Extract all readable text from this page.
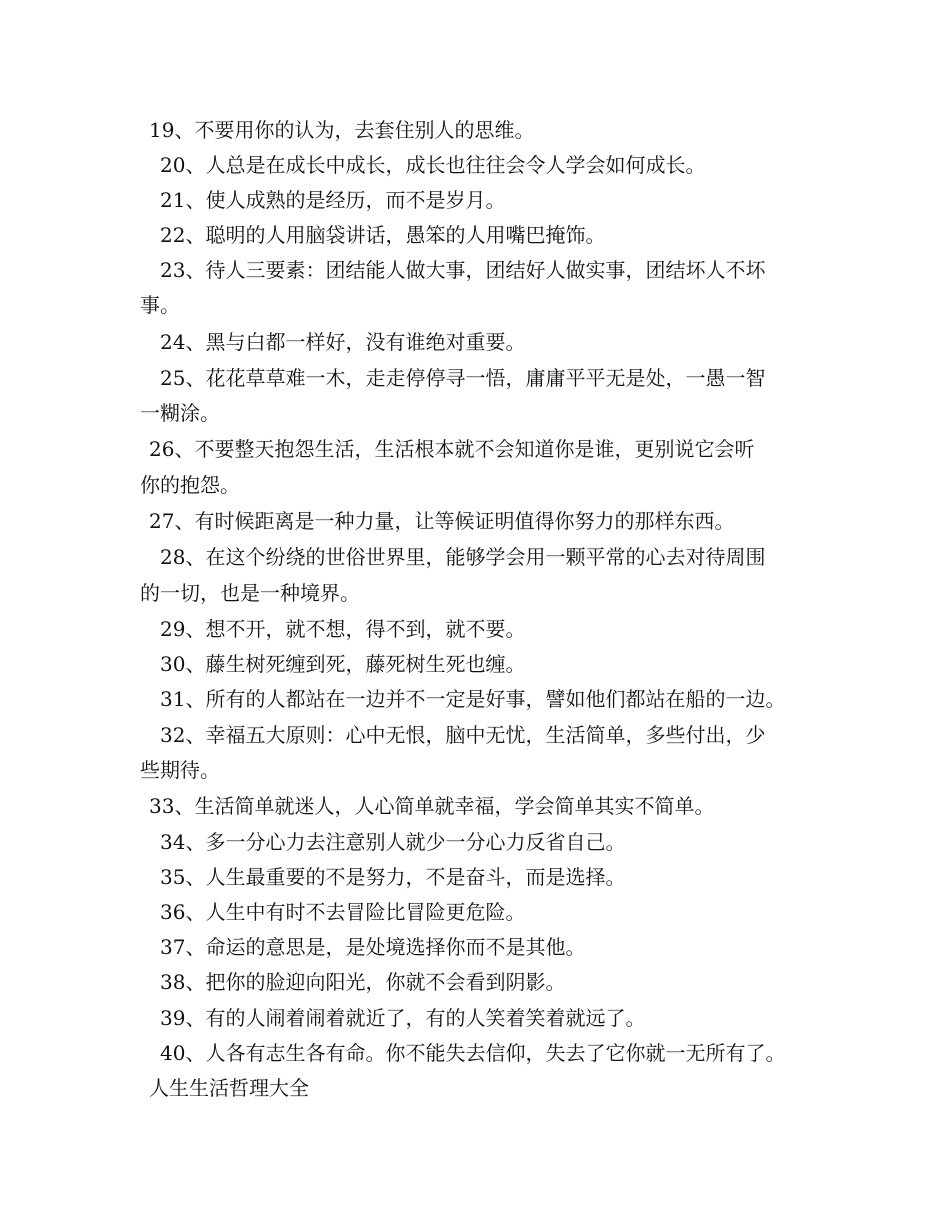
19、不要用你的认为，去套住别人的思维。
20、人总是在成长中成长，成长也往往会令人学会如何成长。
21、使人成熟的是经历，而不是岁月。
22、聪明的人用脑袋讲话，愚笨的人用嘴巴掩饰。
23、待人三要素：团结能人做大事，团结好人做实事，团结坏人不坏
事。
24、黑与白都一样好，没有谁绝对重要。
25、花花草草难一木，走走停停寻一悟，庸庸平平无是处，一愚一智
一糊涂。
26、不要整天抱怨生活，生活根本就不会知道你是谁，更别说它会听
你的抱怨。
27、有时候距离是一种力量，让等候证明值得你努力的那样东西。
28、在这个纷绕的世俗世界里，能够学会用一颗平常的心去对待周围
的一切，也是一种境界。
29、想不开，就不想，得不到，就不要。
30、藤生树死缠到死，藤死树生死也缠。
31、所有的人都站在一边并不一定是好事，譬如他们都站在船的一边。
32、幸福五大原则：心中无恨，脑中无忧，生活简单，多些付出，少
些期待。
33、生活简单就迷人，人心简单就幸福，学会简单其实不简单。
34、多一分心力去注意别人就少一分心力反省自己。
35、人生最重要的不是努力，不是奋斗，而是选择。
36、人生中有时不去冒险比冒险更危险。
37、命运的意思是，是处境选择你而不是其他。
38、把你的脸迎向阳光，你就不会看到阴影。
39、有的人闹着闹着就近了，有的人笑着笑着就远了。
40、人各有志生各有命。你不能失去信仰，失去了它你就一无所有了。
人生生活哲理大全
